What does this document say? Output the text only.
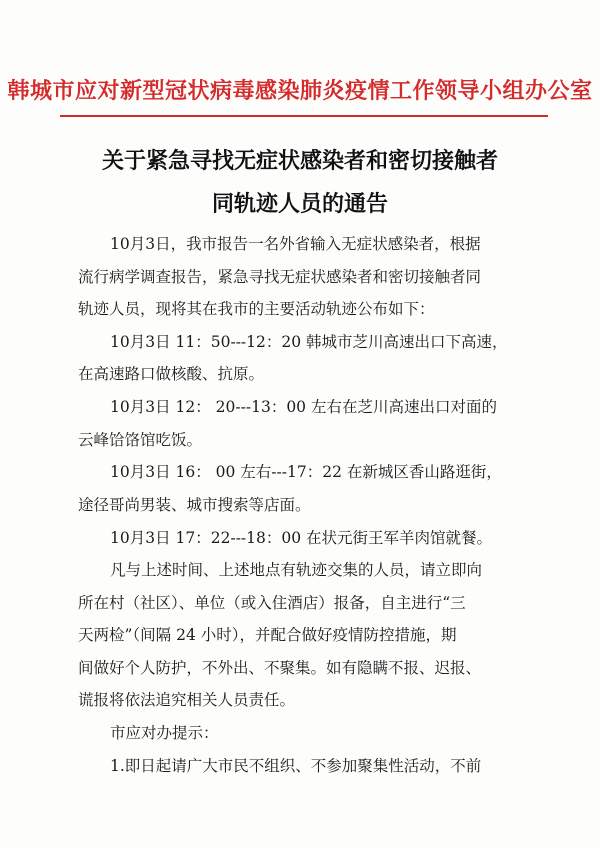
韩城市应对新型冠状病毒感染肺炎疫情工作领导小组办公室
关于紧急寻找无症状感染者和密切接触者
同轨迹人员的通告
10月3日，我市报告一名外省输入无症状感染者，根据
流行病学调查报告，紧急寻找无症状感染者和密切接触者同
轨迹人员，现将其在我市的主要活动轨迹公布如下：
10月3日 11：50---12：20 韩城市芝川高速出口下高速，
在高速路口做核酸、抗原。
10月3日 12： 20---13：00 左右在芝川高速出口对面的
云峰饸饹馆吃饭。
10月3日 16： 00 左右---17：22 在新城区香山路逛街，
途径哥尚男装、城市搜索等店面。
10月3日 17：22---18：00 在状元街王军羊肉馆就餐。
凡与上述时间、上述地点有轨迹交集的人员，请立即向
所在村（社区）、单位（或入住酒店）报备，自主进行“三
天两检”（间隔 24 小时），并配合做好疫情防控措施，期
间做好个人防护，不外出、不聚集。如有隐瞒不报、迟报、
谎报将依法追究相关人员责任。
市应对办提示：
1.即日起请广大市民不组织、不参加聚集性活动，不前
